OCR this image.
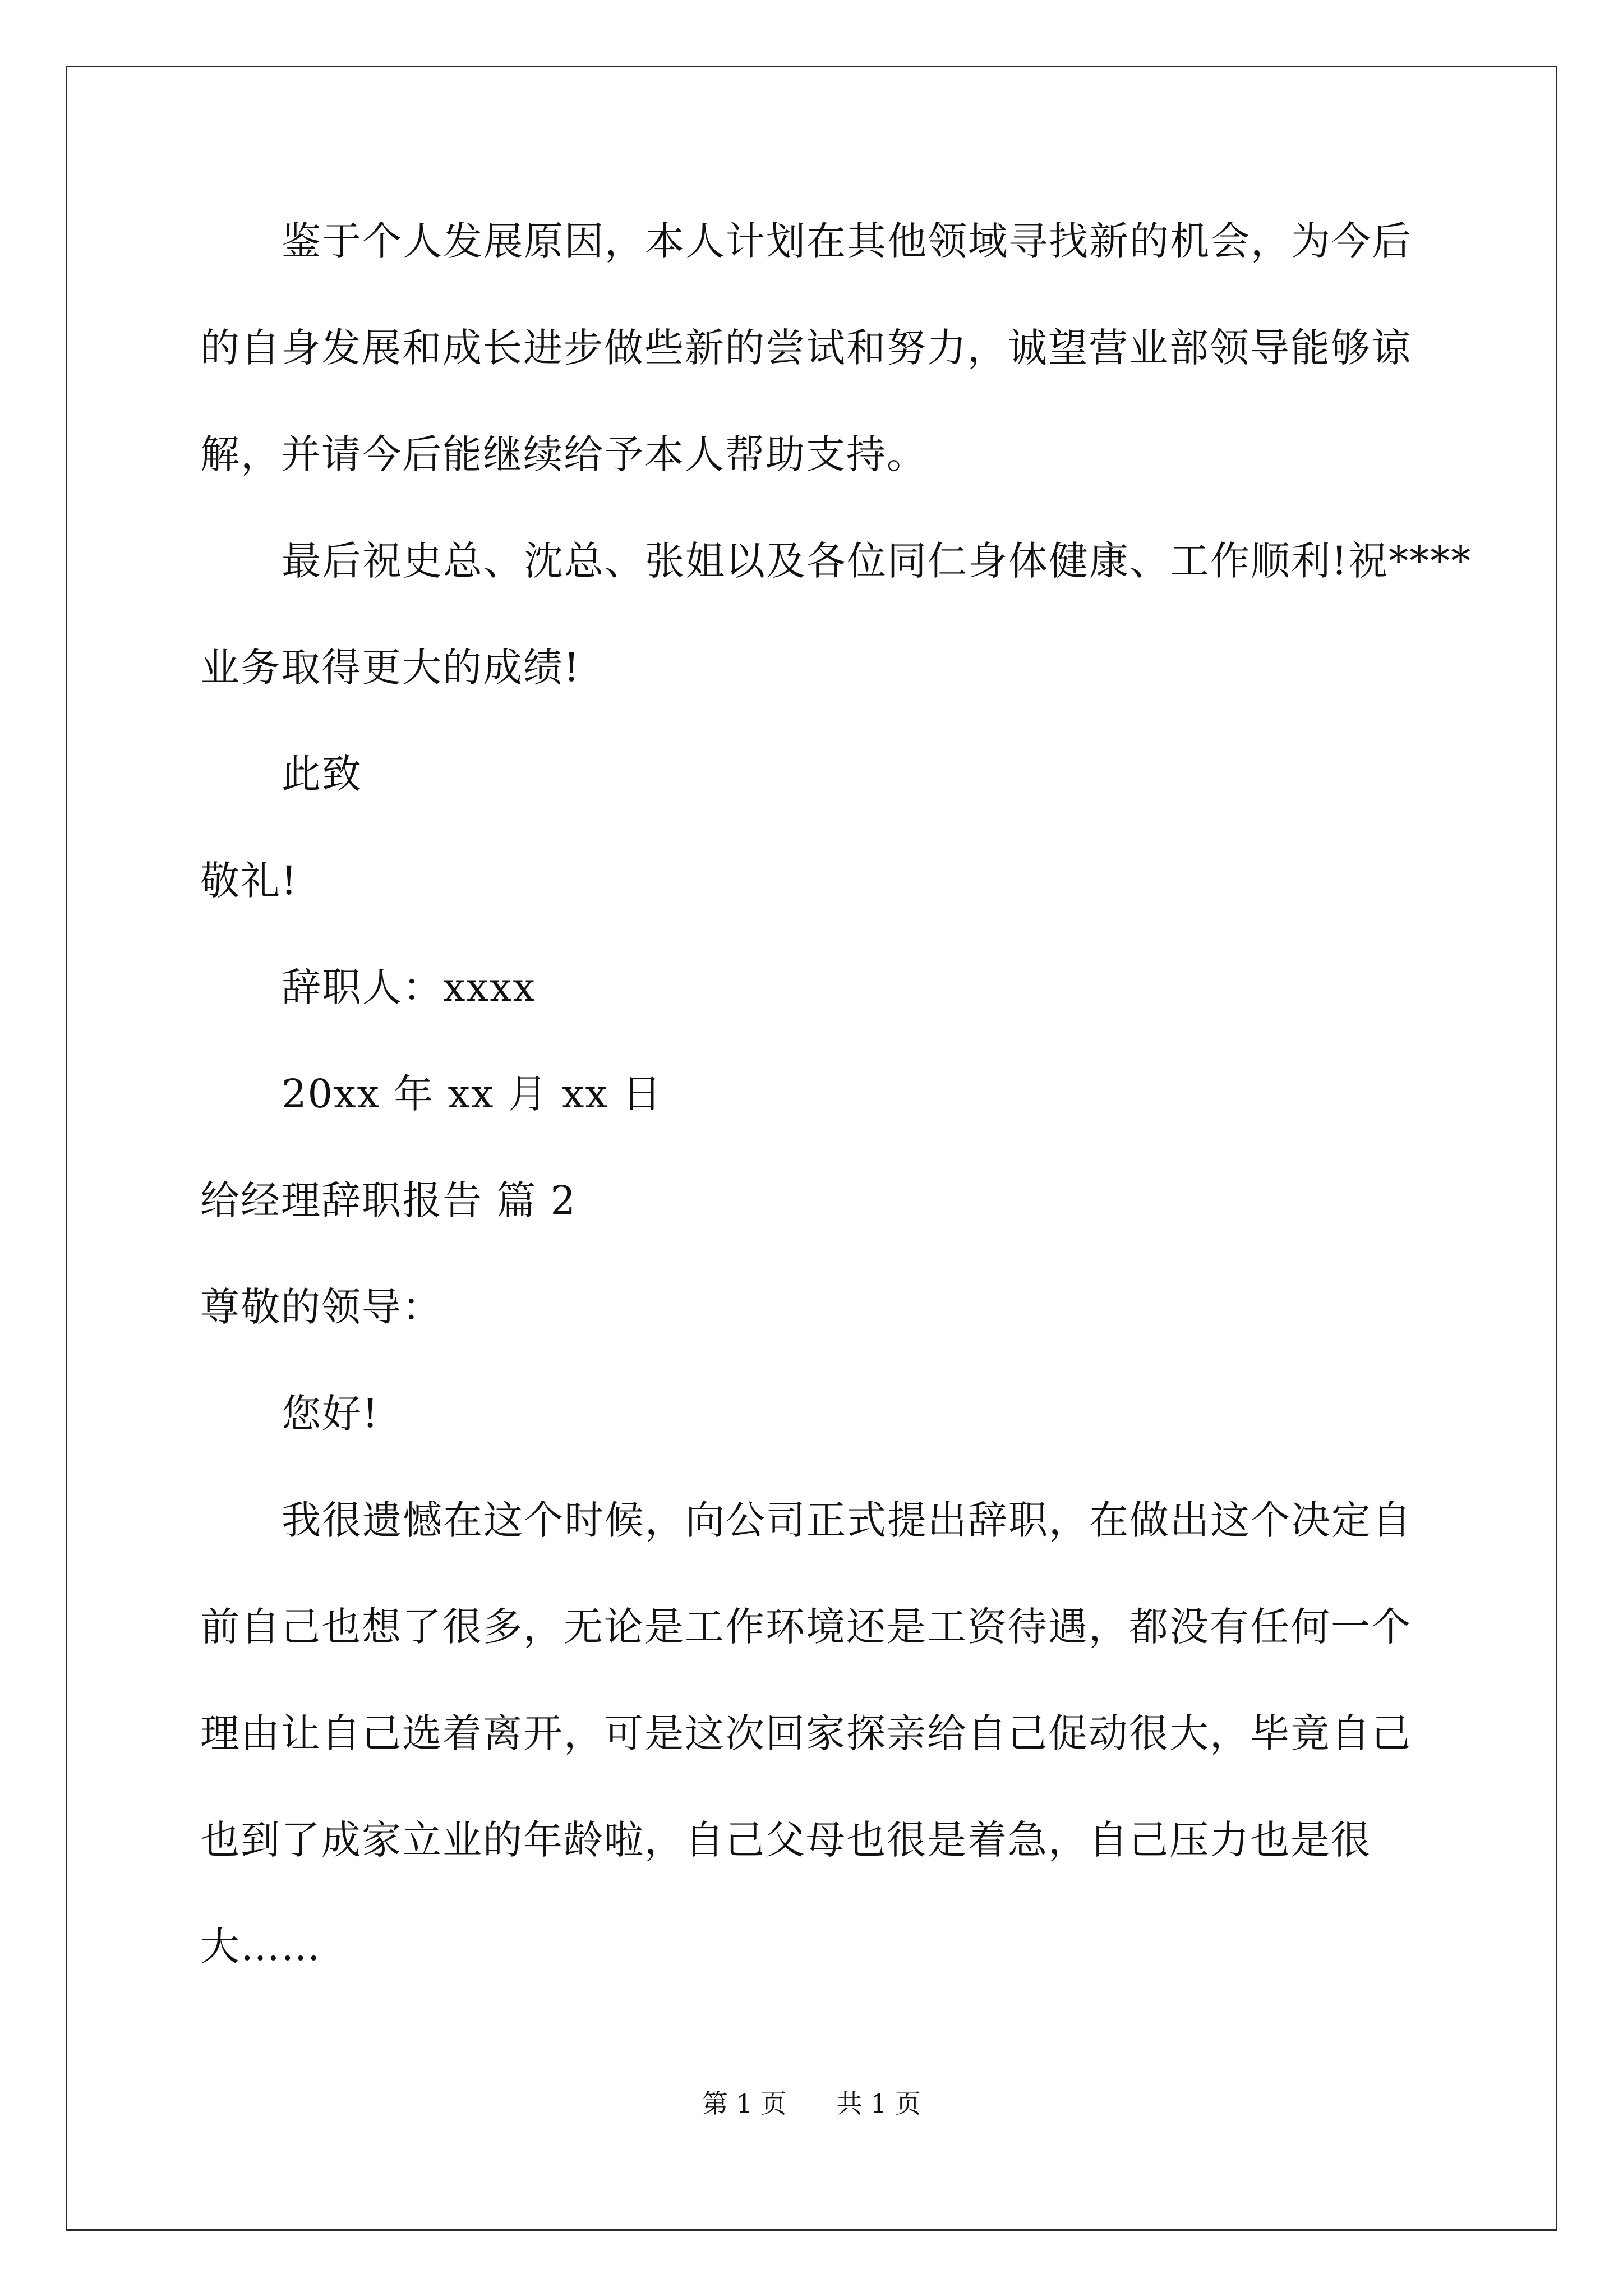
鉴于个人发展原因，本人计划在其他领域寻找新的机会，为今后
的自身发展和成长进步做些新的尝试和努力，诚望营业部领导能够谅
解，并请今后能继续给予本人帮助支持。
最后祝史总、沈总、张姐以及各位同仁身体健康、工作顺利!祝****
业务取得更大的成绩!
此致
敬礼!
辞职人：xxxx
20xx 年 xx 月 xx 日
给经理辞职报告 篇 2
尊敬的领导：
您好!
我很遗憾在这个时候，向公司正式提出辞职，在做出这个决定自
前自己也想了很多，无论是工作环境还是工资待遇，都没有任何一个
理由让自己选着离开，可是这次回家探亲给自己促动很大，毕竟自己
也到了成家立业的年龄啦，自己父母也很是着急，自己压力也是很
大……
第 1 页 共 1 页
